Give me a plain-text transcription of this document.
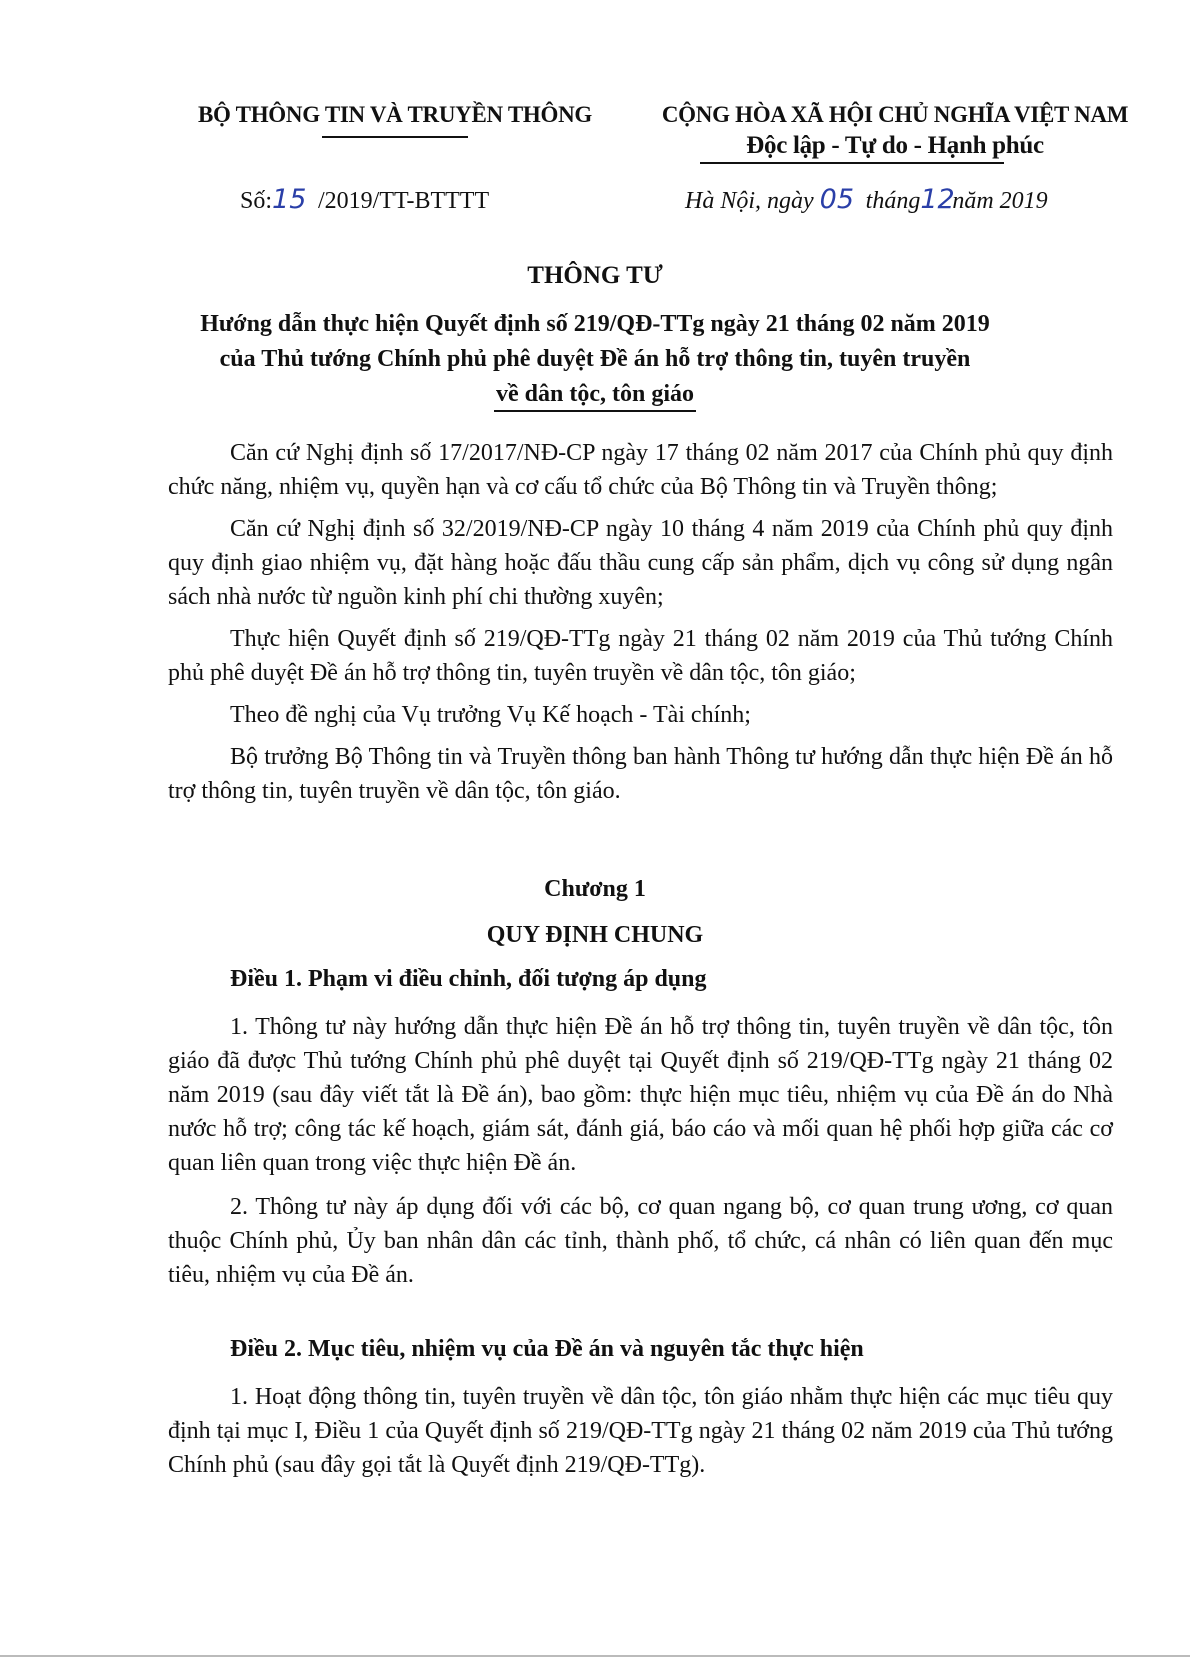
BỘ THÔNG TIN VÀ TRUYỀN THÔNG	CỘNG HÒA XÃ HỘI CHỦ NGHĨA VIỆT NAM
Độc lập - Tự do - Hạnh phúc
Số:15 /2019/TT-BTTTT	Hà Nội, ngày 05 tháng12năm 2019
THÔNG TƯ
Hướng dẫn thực hiện Quyết định số 219/QĐ-TTg ngày 21 tháng 02 năm 2019
của Thủ tướng Chính phủ phê duyệt Đề án hỗ trợ thông tin, tuyên truyền
về dân tộc, tôn giáo

Căn cứ Nghị định số 17/2017/NĐ-CP ngày 17 tháng 02 năm 2017 của Chính phủ quy định chức năng, nhiệm vụ, quyền hạn và cơ cấu tổ chức của Bộ Thông tin và Truyền thông;

Căn cứ Nghị định số 32/2019/NĐ-CP ngày 10 tháng 4 năm 2019 của Chính phủ quy định quy định giao nhiệm vụ, đặt hàng hoặc đấu thầu cung cấp sản phẩm, dịch vụ công sử dụng ngân sách nhà nước từ nguồn kinh phí chi thường xuyên;

Thực hiện Quyết định số 219/QĐ-TTg ngày 21 tháng 02 năm 2019 của Thủ tướng Chính phủ phê duyệt Đề án hỗ trợ thông tin, tuyên truyền về dân tộc, tôn giáo;

Theo đề nghị của Vụ trưởng Vụ Kế hoạch - Tài chính;

Bộ trưởng Bộ Thông tin và Truyền thông ban hành Thông tư hướng dẫn thực hiện Đề án hỗ trợ thông tin, tuyên truyền về dân tộc, tôn giáo.

Chương 1
QUY ĐỊNH CHUNG
Điều 1. Phạm vi điều chỉnh, đối tượng áp dụng

1. Thông tư này hướng dẫn thực hiện Đề án hỗ trợ thông tin, tuyên truyền về dân tộc, tôn giáo đã được Thủ tướng Chính phủ phê duyệt tại Quyết định số 219/QĐ-TTg ngày 21 tháng 02 năm 2019 (sau đây viết tắt là Đề án), bao gồm: thực hiện mục tiêu, nhiệm vụ của Đề án do Nhà nước hỗ trợ; công tác kế hoạch, giám sát, đánh giá, báo cáo và mối quan hệ phối hợp giữa các cơ quan liên quan trong việc thực hiện Đề án.

2. Thông tư này áp dụng đối với các bộ, cơ quan ngang bộ, cơ quan trung ương, cơ quan thuộc Chính phủ, Ủy ban nhân dân các tỉnh, thành phố, tổ chức, cá nhân có liên quan đến mục tiêu, nhiệm vụ của Đề án.

Điều 2. Mục tiêu, nhiệm vụ của Đề án và nguyên tắc thực hiện

1. Hoạt động thông tin, tuyên truyền về dân tộc, tôn giáo nhằm thực hiện các mục tiêu quy định tại mục I, Điều 1 của Quyết định số 219/QĐ-TTg ngày 21 tháng 02 năm 2019 của Thủ tướng Chính phủ (sau đây gọi tắt là Quyết định 219/QĐ-TTg).
